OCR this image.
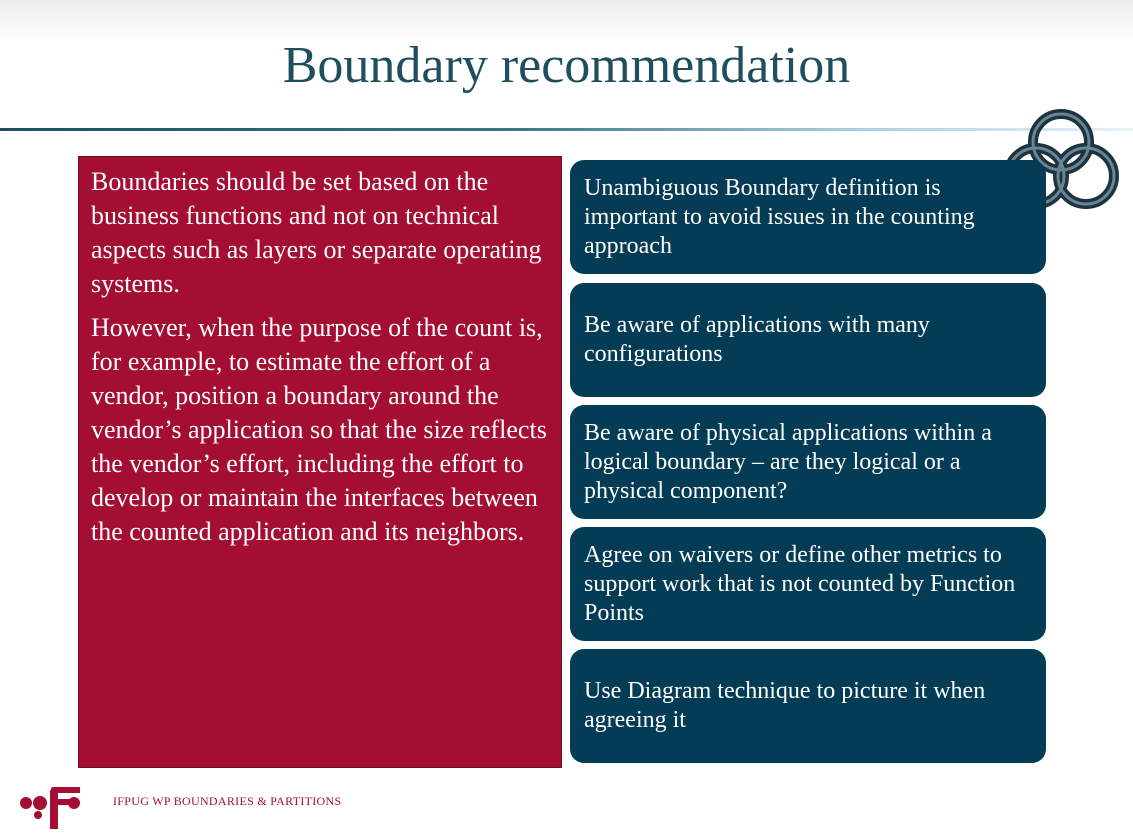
Boundary recommendation

Boundaries should be set based on the business functions and not on technical aspects such as layers or separate operating systems.

However, when the purpose of the count is, for example, to estimate the effort of a vendor, position a boundary around the vendor’s application so that the size reflects the vendor’s effort, including the effort to develop or maintain the interfaces between the counted application and its neighbors.

Unambiguous Boundary definition is important to avoid issues in the counting approach
Be aware of applications with many configurations
Be aware of physical applications within a logical boundary – are they logical or a physical component?
Agree on waivers or define other metrics to support work that is not counted by Function Points
Use Diagram technique to picture it when agreeing it
IFPUG WP BOUNDARIES & PARTITIONS
